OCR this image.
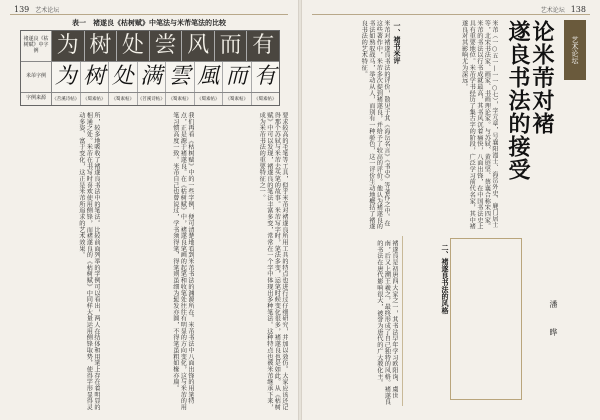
139 艺术论坛
表一　褚遂良《枯树赋》中笔法与米芾笔法的比较
褚遂良《枯树赋》中字例 为 树 处 尝 风 而 有
米芾字例 为 树 处 满 雲 風 而 有
字例来源	《苕溪诗帖》 《蜀素帖》 《蜀素帖》 《苕溪诗帖》 《蜀素帖》 《蜀素帖》 《蜀素帖》 《蜀素帖》
要求较高的毛笔等工具，似乎米芾对褚遂良所用工具的特点也进行过仔细研究，并加以效仿。大家应该还记得那个苏轼与米芾去买笔的故事。米芾写字时，笔法多变，运笔时候变化很多，褚遂良也是如此。从《枯树赋》中可以发现，褚遂良的笔法丰富多变，常常在一个字中体现出多种笔法。这种特点也被米芾继承下来，成为米芾书法的重要特征之一。
我们再看《枯树赋》中的一些字例，便可清楚地看到米芾书法的渊源所在。米芾书法中八面出锋的用笔特点，正是源于褚遂良。在《枯树赋》中，褚遂良笔画的起笔和收笔处往往有明显的方向变化，这与米芾的用笔习惯高度一致。米芾自己也曾说过，学书须得笔，得笔则虽细为髭发亦圆，不得笔虽粗如椽亦扁。
所，较多地吸收了褚遂良书法中的笔法。比较前面列举的字例可以看出，两人在结体和用笔上存在着明显的相通之处。米芾在书写时喜欢使用侧锋，而褚遂良的《枯树赋》中同样大量运用侧锋取势，使得字形显得灵动多姿、富于变化，这正是米芾所追求的艺术效果。
艺术论坛 138
艺术论坛
论米芾对褚
遂良书法的接受
潘　晔
米芾（一○五一—一一○七），字元章，号襄阳漫士、海岳外史、鹿门居士等，北宋书法家、画家、书画理论家。与苏轼、黄庭坚、蔡襄合称宋四家。米芾的书法以行书成就最高，其书风沉着痛快，八面出锋，在中国书法史上具有重要地位。米芾学书经历了集古字的阶段，广泛学习前代名家，其中褚遂良对其影响尤为深远。
一、褚书米评
米芾对褚遂良书法的评价，散见于其《海岳名言》《书史》等著作之中。在这些著作中，米芾多次提到褚遂良，并给予了较高的评价。他认为褚遂良的书法如熟驭战马，举动从人，而别有一种骄色，这一评价生动地概括了褚遂良书法的艺术特征。
二、褚遂良书法的风格
褚遂良是初唐四大家之一，其书法早年学习欧阳询、虞世南，后又上溯王羲之，最终形成了自己独特的风格。褚遂良的书法在唐代影响很大，被誉为唐代的广大教化主。
